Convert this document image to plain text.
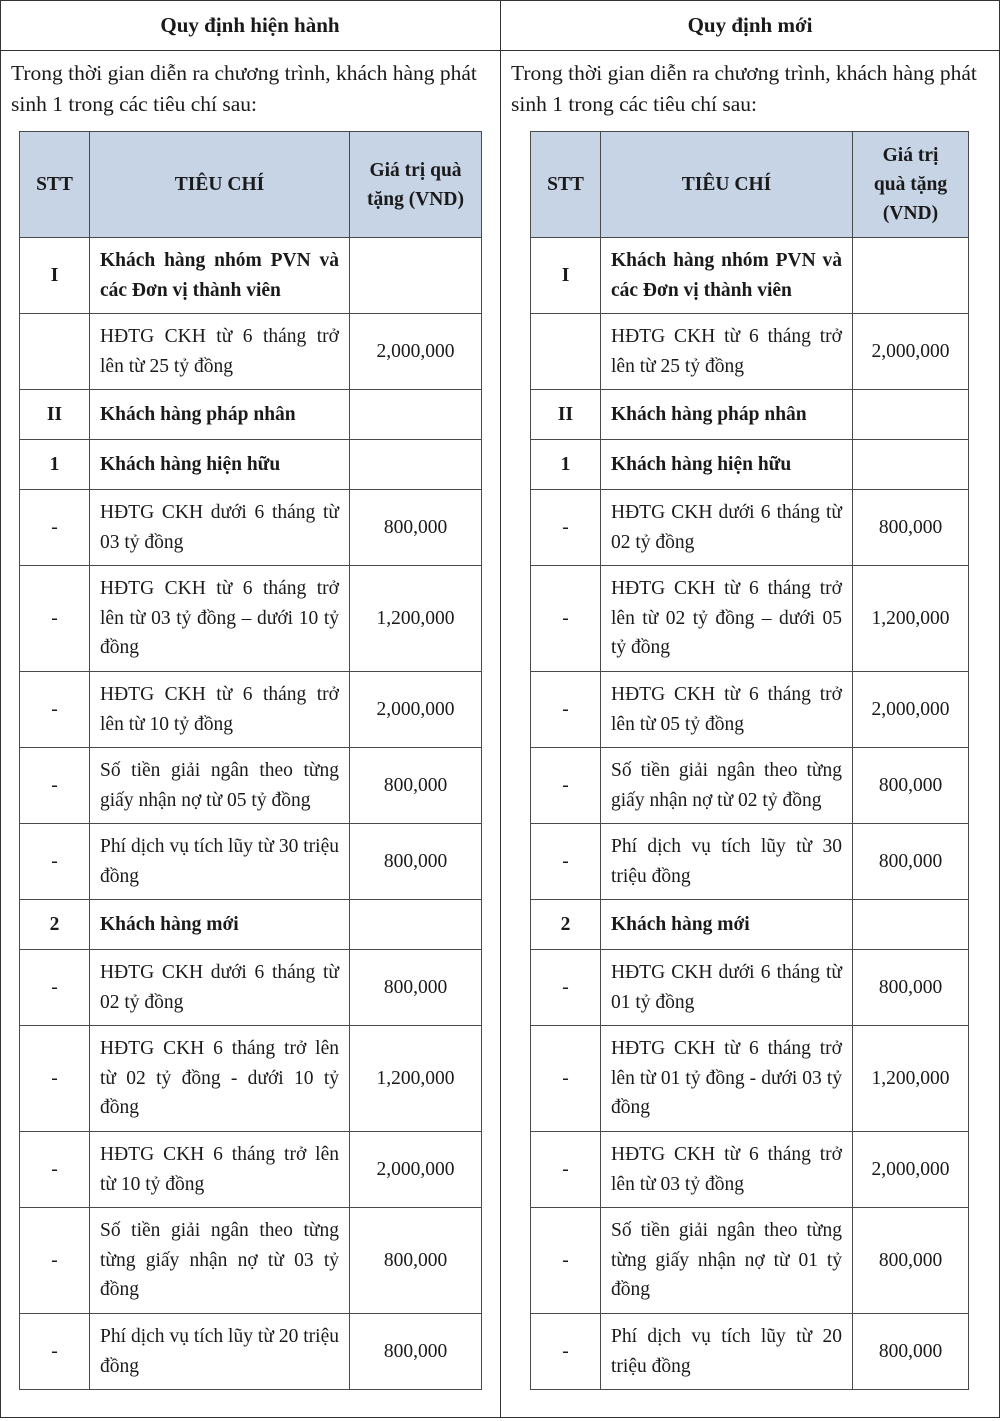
Quy định hiện hành
Trong thời gian diễn ra chương trình, khách hàng phát sinh 1 trong các tiêu chí sau:
STT	TIÊU CHÍ	Giá trị quà tặng (VND)
I	Khách hàng nhóm PVN và các Đơn vị thành viên	
	HĐTG CKH từ 6 tháng trở lên từ 25 tỷ đồng	2,000,000
II	Khách hàng pháp nhân	
1	Khách hàng hiện hữu	
-	HĐTG CKH dưới 6 tháng từ 03 tỷ đồng	800,000
-	HĐTG CKH từ 6 tháng trở lên từ 03 tỷ đồng – dưới 10 tỷ đồng	1,200,000
-	HĐTG CKH từ 6 tháng trở lên từ 10 tỷ đồng	2,000,000
-	Số tiền giải ngân theo từng giấy nhận nợ từ 05 tỷ đồng	800,000
-	Phí dịch vụ tích lũy từ 30 triệu đồng	800,000
2	Khách hàng mới	
-	HĐTG CKH dưới 6 tháng từ 02 tỷ đồng	800,000
-	HĐTG CKH 6 tháng trở lên từ 02 tỷ đồng - dưới 10 tỷ đồng	1,200,000
-	HĐTG CKH 6 tháng trở lên từ 10 tỷ đồng	2,000,000
-	Số tiền giải ngân theo từng từng giấy nhận nợ từ 03 tỷ đồng	800,000
-	Phí dịch vụ tích lũy từ 20 triệu đồng	800,000
Quy định mới
Trong thời gian diễn ra chương trình, khách hàng phát sinh 1 trong các tiêu chí sau:
STT	TIÊU CHÍ	Giá trị quà tặng (VND)
I	Khách hàng nhóm PVN và các Đơn vị thành viên	
	HĐTG CKH từ 6 tháng trở lên từ 25 tỷ đồng	2,000,000
II	Khách hàng pháp nhân	
1	Khách hàng hiện hữu	
-	HĐTG CKH dưới 6 tháng từ 02 tỷ đồng	800,000
-	HĐTG CKH từ 6 tháng trở lên từ 02 tỷ đồng – dưới 05 tỷ đồng	1,200,000
-	HĐTG CKH từ 6 tháng trở lên từ 05 tỷ đồng	2,000,000
-	Số tiền giải ngân theo từng giấy nhận nợ từ 02 tỷ đồng	800,000
-	Phí dịch vụ tích lũy từ 30 triệu đồng	800,000
2	Khách hàng mới	
-	HĐTG CKH dưới 6 tháng từ 01 tỷ đồng	800,000
-	HĐTG CKH từ 6 tháng trở lên từ 01 tỷ đồng - dưới 03 tỷ đồng	1,200,000
-	HĐTG CKH từ 6 tháng trở lên từ 03 tỷ đồng	2,000,000
-	Số tiền giải ngân theo từng từng giấy nhận nợ từ 01 tỷ đồng	800,000
-	Phí dịch vụ tích lũy từ 20 triệu đồng	800,000
